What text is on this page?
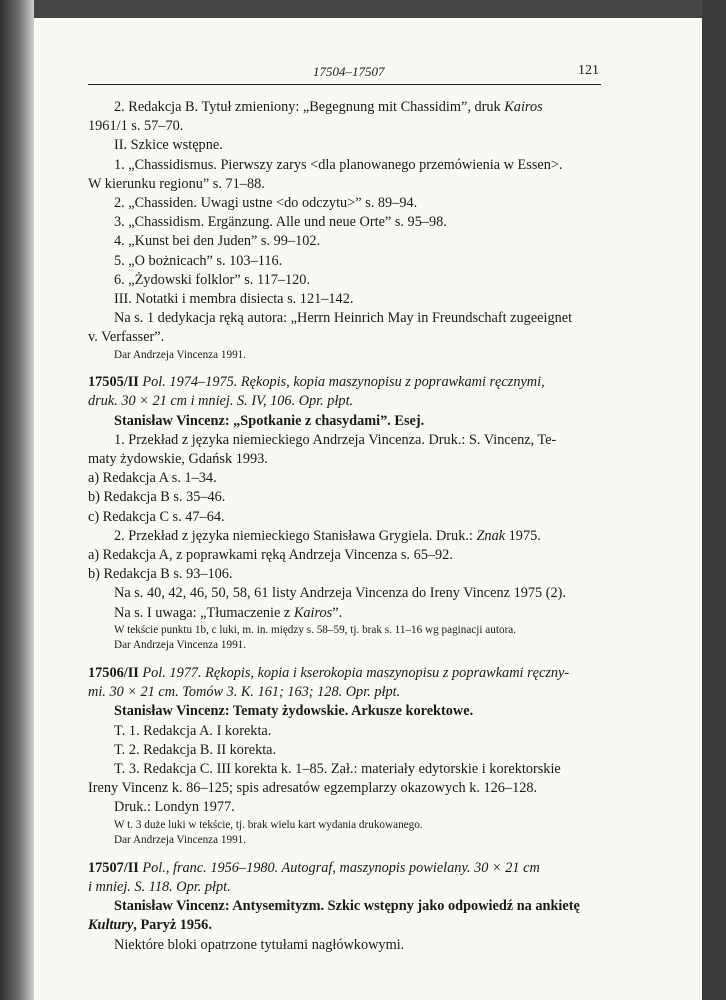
17504–17507	121
2. Redakcja B. Tytuł zmieniony: „Begegnung mit Chassidim”, druk Kairos
1961/1 s. 57–70.
II. Szkice wstępne.
1. „Chassidismus. Pierwszy zarys <dla planowanego przemówienia w Essen>.
W kierunku regionu” s. 71–88.
2. „Chassiden. Uwagi ustne <do odczytu>” s. 89–94.
3. „Chassidism. Ergänzung. Alle und neue Orte” s. 95–98.
4. „Kunst bei den Juden” s. 99–102.
5. „O bożnicach” s. 103–116.
6. „Żydowski folklor” s. 117–120.
III. Notatki i membra disiecta s. 121–142.
Na s. 1 dedykacja ręką autora: „Herrn Heinrich May in Freundschaft zugeeignet
v. Verfasser”.
Dar Andrzeja Vincenza 1991.
17505/II Pol. 1974–1975. Rękopis, kopia maszynopisu z poprawkami ręcznymi,
druk. 30 × 21 cm i mniej. S. IV, 106. Opr. płpt.
Stanisław Vincenz: „Spotkanie z chasydami”. Esej.
1. Przekład z języka niemieckiego Andrzeja Vincenza. Druk.: S. Vincenz, Te-
maty żydowskie, Gdańsk 1993.
a) Redakcja A s. 1–34.
b) Redakcja B s. 35–46.
c) Redakcja C s. 47–64.
2. Przekład z języka niemieckiego Stanisława Grygiela. Druk.: Znak 1975.
a) Redakcja A, z poprawkami ręką Andrzeja Vincenza s. 65–92.
b) Redakcja B s. 93–106.
Na s. 40, 42, 46, 50, 58, 61 listy Andrzeja Vincenza do Ireny Vincenz 1975 (2).
Na s. I uwaga: „Tłumaczenie z Kairos”.
W tekście punktu 1b, c luki, m. in. między s. 58–59, tj. brak s. 11–16 wg paginacji autora.
Dar Andrzeja Vincenza 1991.
17506/II Pol. 1977. Rękopis, kopia i kserokopia maszynopisu z poprawkami ręczny-
mi. 30 × 21 cm. Tomów 3. K. 161; 163; 128. Opr. płpt.
Stanisław Vincenz: Tematy żydowskie. Arkusze korektowe.
T. 1. Redakcja A. I korekta.
T. 2. Redakcja B. II korekta.
T. 3. Redakcja C. III korekta k. 1–85. Zał.: materiały edytorskie i korektorskie
Ireny Vincenz k. 86–125; spis adresatów egzemplarzy okazowych k. 126–128.
Druk.: Londyn 1977.
W t. 3 duże luki w tekście, tj. brak wielu kart wydania drukowanego.
Dar Andrzeja Vincenza 1991.
17507/II Pol., franc. 1956–1980. Autograf, maszynopis powielany. 30 × 21 cm
i mniej. S. 118. Opr. płpt.
Stanisław Vincenz: Antysemityzm. Szkic wstępny jako odpowiedź na ankietę
Kultury, Paryż 1956.
Niektóre bloki opatrzone tytułami nagłówkowymi.
